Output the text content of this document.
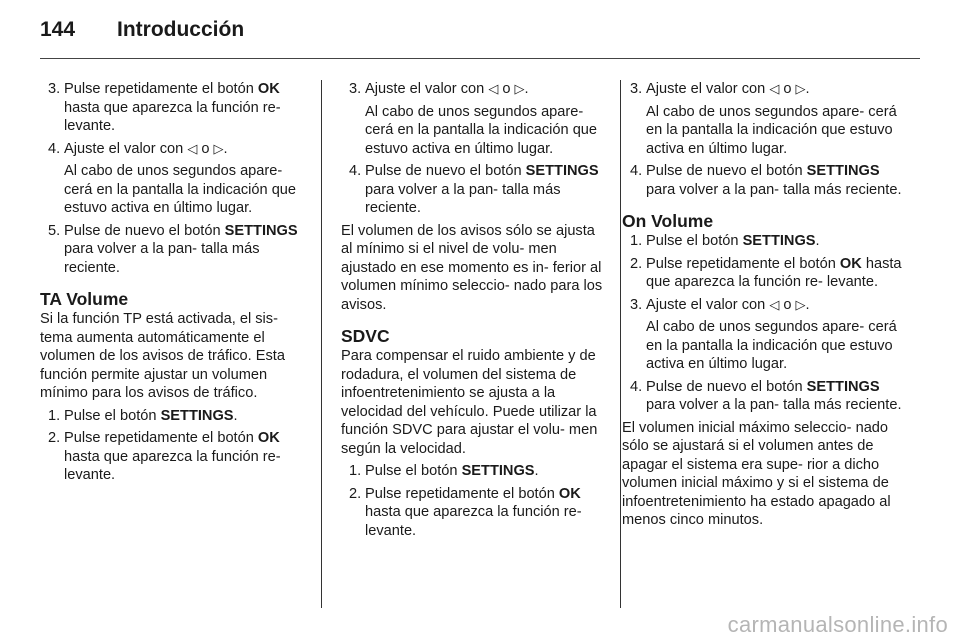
144 Introducción
3. Pulse repetidamente el botón OK hasta que aparezca la función re‐ levante.

4. Ajuste el valor con ◁ o ▷.

Al cabo de unos segundos apare‐ cerá en la pantalla la indicación que estuvo activa en último lugar.

5. Pulse de nuevo el botón SETTINGS para volver a la pan‐ talla más reciente.

TA Volume

Si la función TP está activada, el sis‐ tema aumenta automáticamente el volumen de los avisos de tráfico. Esta función permite ajustar un volumen mínimo para los avisos de tráfico.

1. Pulse el botón SETTINGS.

2. Pulse repetidamente el botón OK hasta que aparezca la función re‐ levante.

3. Ajuste el valor con ◁ o ▷.

Al cabo de unos segundos apare‐ cerá en la pantalla la indicación que estuvo activa en último lugar.

4. Pulse de nuevo el botón SETTINGS para volver a la pan‐ talla más reciente.

El volumen de los avisos sólo se ajusta al mínimo si el nivel de volu‐ men ajustado en ese momento es in‐ ferior al volumen mínimo seleccio‐ nado para los avisos.

SDVC

Para compensar el ruido ambiente y de rodadura, el volumen del sistema de infoentretenimiento se ajusta a la velocidad del vehículo. Puede utilizar la función SDVC para ajustar el volu‐ men según la velocidad.

1. Pulse el botón SETTINGS.

2. Pulse repetidamente el botón OK hasta que aparezca la función re‐ levante.

3. Ajuste el valor con ◁ o ▷.

Al cabo de unos segundos apare‐ cerá en la pantalla la indicación que estuvo activa en último lugar.

4. Pulse de nuevo el botón SETTINGS para volver a la pan‐ talla más reciente.

On Volume
1. Pulse el botón SETTINGS.

2. Pulse repetidamente el botón OK hasta que aparezca la función re‐ levante.

3. Ajuste el valor con ◁ o ▷.

Al cabo de unos segundos apare‐ cerá en la pantalla la indicación que estuvo activa en último lugar.

4. Pulse de nuevo el botón SETTINGS para volver a la pan‐ talla más reciente.

El volumen inicial máximo seleccio‐ nado sólo se ajustará si el volumen antes de apagar el sistema era supe‐ rior a dicho volumen inicial máximo y si el sistema de infoentretenimiento ha estado apagado al menos cinco minutos.

carmanualsonline.info
